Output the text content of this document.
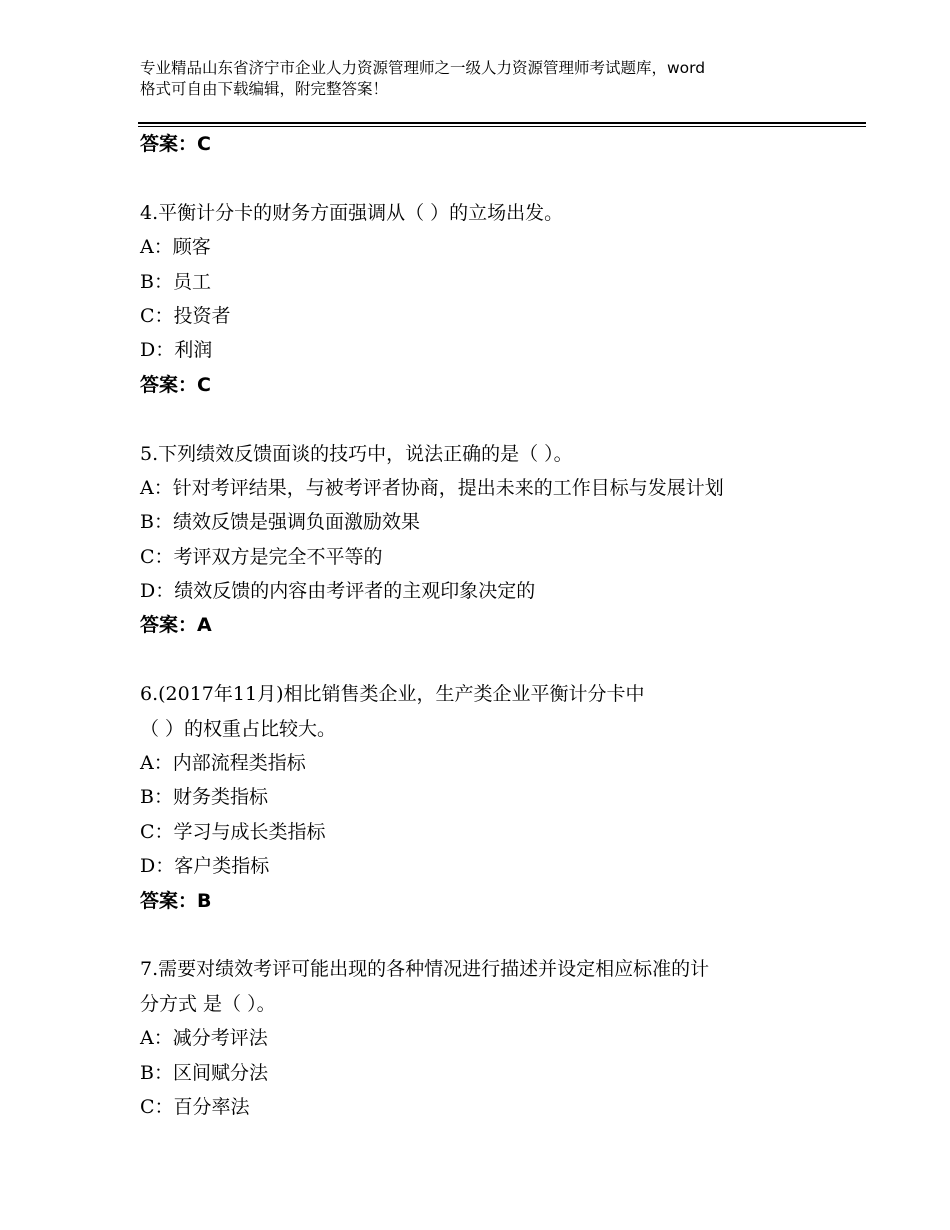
专业精品山东省济宁市企业人力资源管理师之一级人力资源管理师考试题库，word
格式可自由下载编辑，附完整答案！
答案：C
4.平衡计分卡的财务方面强调从（ ）的立场出发。
A：顾客
B：员工
C：投资者
D：利润
答案：C
5.下列绩效反馈面谈的技巧中，说法正确的是（ ）。
A：针对考评结果，与被考评者协商，提出未来的工作目标与发展计划
B：绩效反馈是强调负面激励效果
C：考评双方是完全不平等的
D：绩效反馈的内容由考评者的主观印象决定的
答案：A
6.(2017年11月)相比销售类企业，生产类企业平衡计分卡中
（ ）的权重占比较大。
A：内部流程类指标
B：财务类指标
C：学习与成长类指标
D：客户类指标
答案：B
7.需要对绩效考评可能出现的各种情况进行描述并设定相应标准的计
分方式 是（ ）。
A：减分考评法
B：区间赋分法
C：百分率法
